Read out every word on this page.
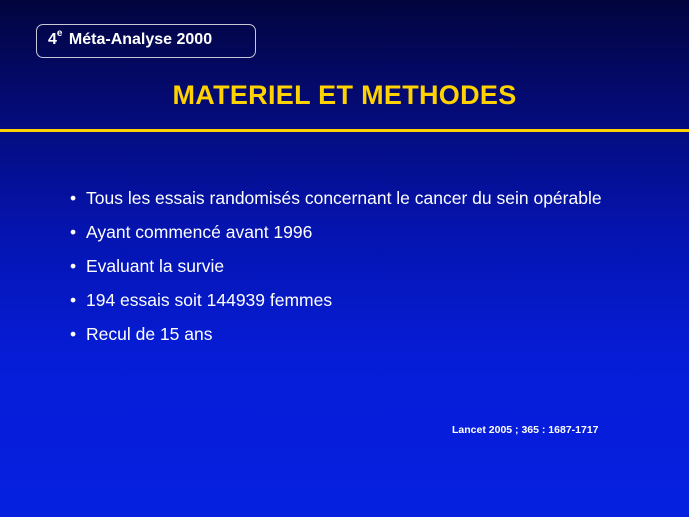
4e Méta-Analyse 2000
MATERIEL ET METHODES
• Tous les essais randomisés concernant le cancer du sein opérable
• Ayant commencé avant 1996
• Evaluant la survie
• 194 essais soit 144939 femmes
• Recul de 15 ans
Lancet 2005 ; 365 : 1687-1717
